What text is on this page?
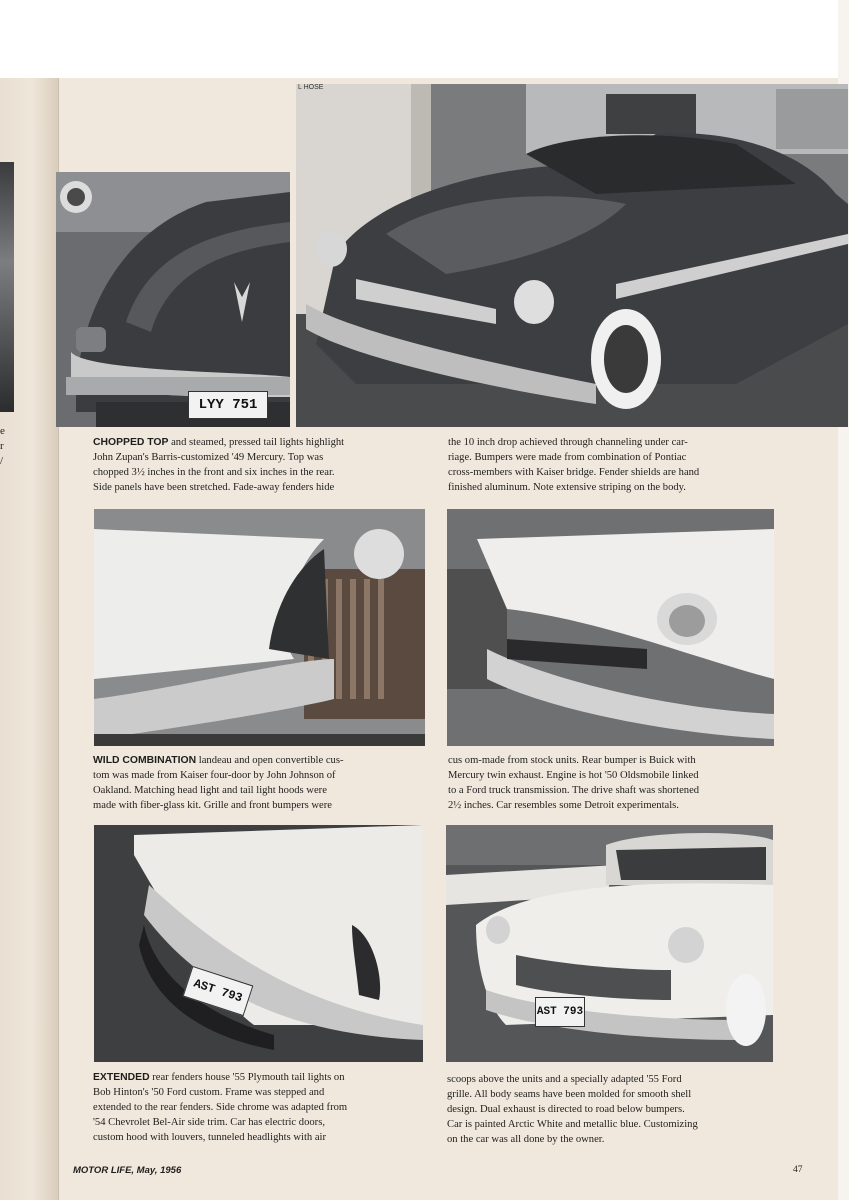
e
r
/
LYY 751
L HOSE
CHOPPED TOP and steamed, pressed tail lights highlight
John Zupan's Barris-customized '49 Mercury. Top was
chopped 3½ inches in the front and six inches in the rear.
Side panels have been stretched. Fade-away fenders hide
the 10 inch drop achieved through channeling under car-
riage. Bumpers were made from combination of Pontiac
cross-members with Kaiser bridge. Fender shields are hand
finished aluminum. Note extensive striping on the body.
WILD COMBINATION landeau and open convertible cus-
tom was made from Kaiser four-door by John Johnson of
Oakland. Matching head light and tail light hoods were
made with fiber-glass kit. Grille and front bumpers were
cus om-made from stock units. Rear bumper is Buick with
Mercury twin exhaust. Engine is hot '50 Oldsmobile linked
to a Ford truck transmission. The drive shaft was shortened
2½ inches. Car resembles some Detroit experimentals.
AST 793
AST 793
EXTENDED rear fenders house '55 Plymouth tail lights on
Bob Hinton's '50 Ford custom. Frame was stepped and
extended to the rear fenders. Side chrome was adapted from
'54 Chevrolet Bel-Air side trim. Car has electric doors,
custom hood with louvers, tunneled headlights with air
scoops above the units and a specially adapted '55 Ford
grille. All body seams have been molded for smooth shell
design. Dual exhaust is directed to road below bumpers.
Car is painted Arctic White and metallic blue. Customizing
on the car was all done by the owner.
MOTOR LIFE, May, 1956	47
